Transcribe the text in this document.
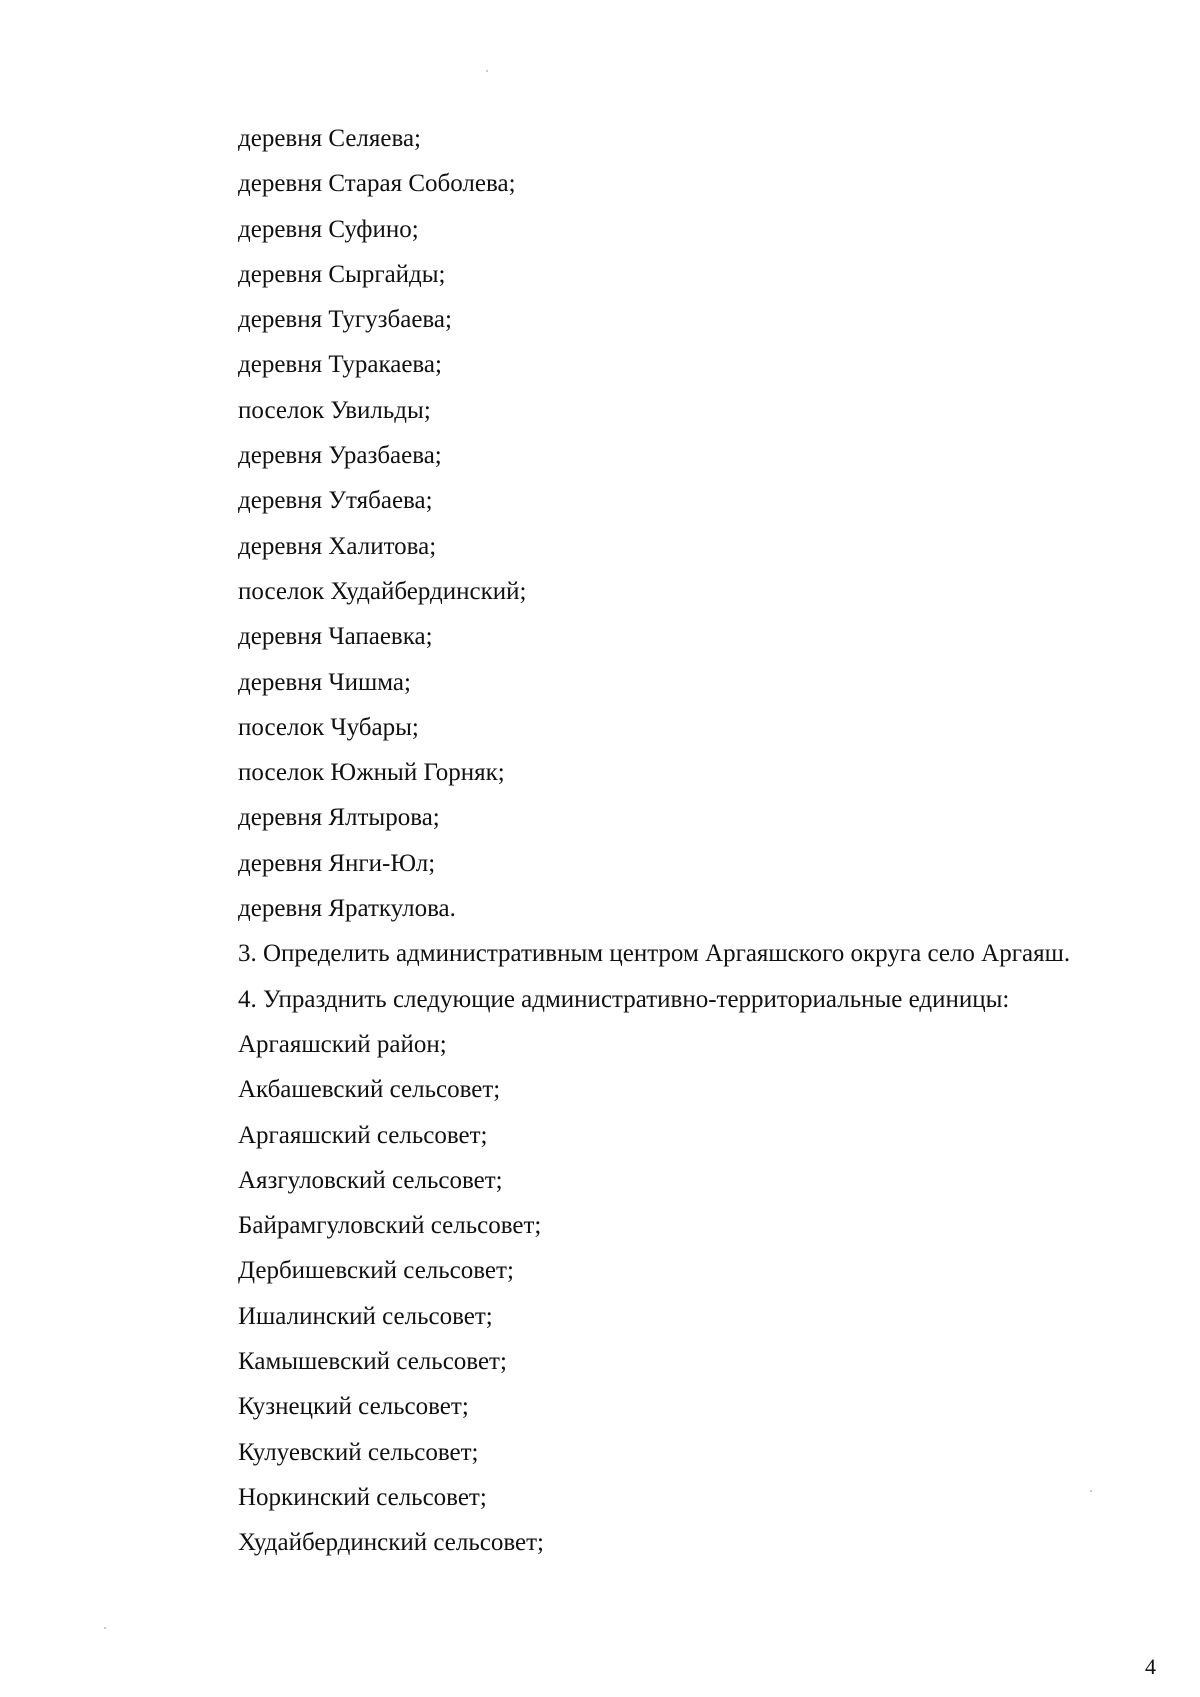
деревня Селяева;
деревня Старая Соболева;
деревня Суфино;
деревня Сыргайды;
деревня Тугузбаева;
деревня Туракаева;
поселок Увильды;
деревня Уразбаева;
деревня Утябаева;
деревня Халитова;
поселок Худайбердинский;
деревня Чапаевка;
деревня Чишма;
поселок Чубары;
поселок Южный Горняк;
деревня Ялтырова;
деревня Янги-Юл;
деревня Яраткулова.
3. Определить административным центром Аргаяшского округа село Аргаяш.
4. Упразднить следующие административно-территориальные единицы:
Аргаяшский район;
Акбашевский сельсовет;
Аргаяшский сельсовет;
Аязгуловский сельсовет;
Байрамгуловский сельсовет;
Дербишевский сельсовет;
Ишалинский сельсовет;
Камышевский сельсовет;
Кузнецкий сельсовет;
Кулуевский сельсовет;
Норкинский сельсовет;
Худайбердинский сельсовет;
4
